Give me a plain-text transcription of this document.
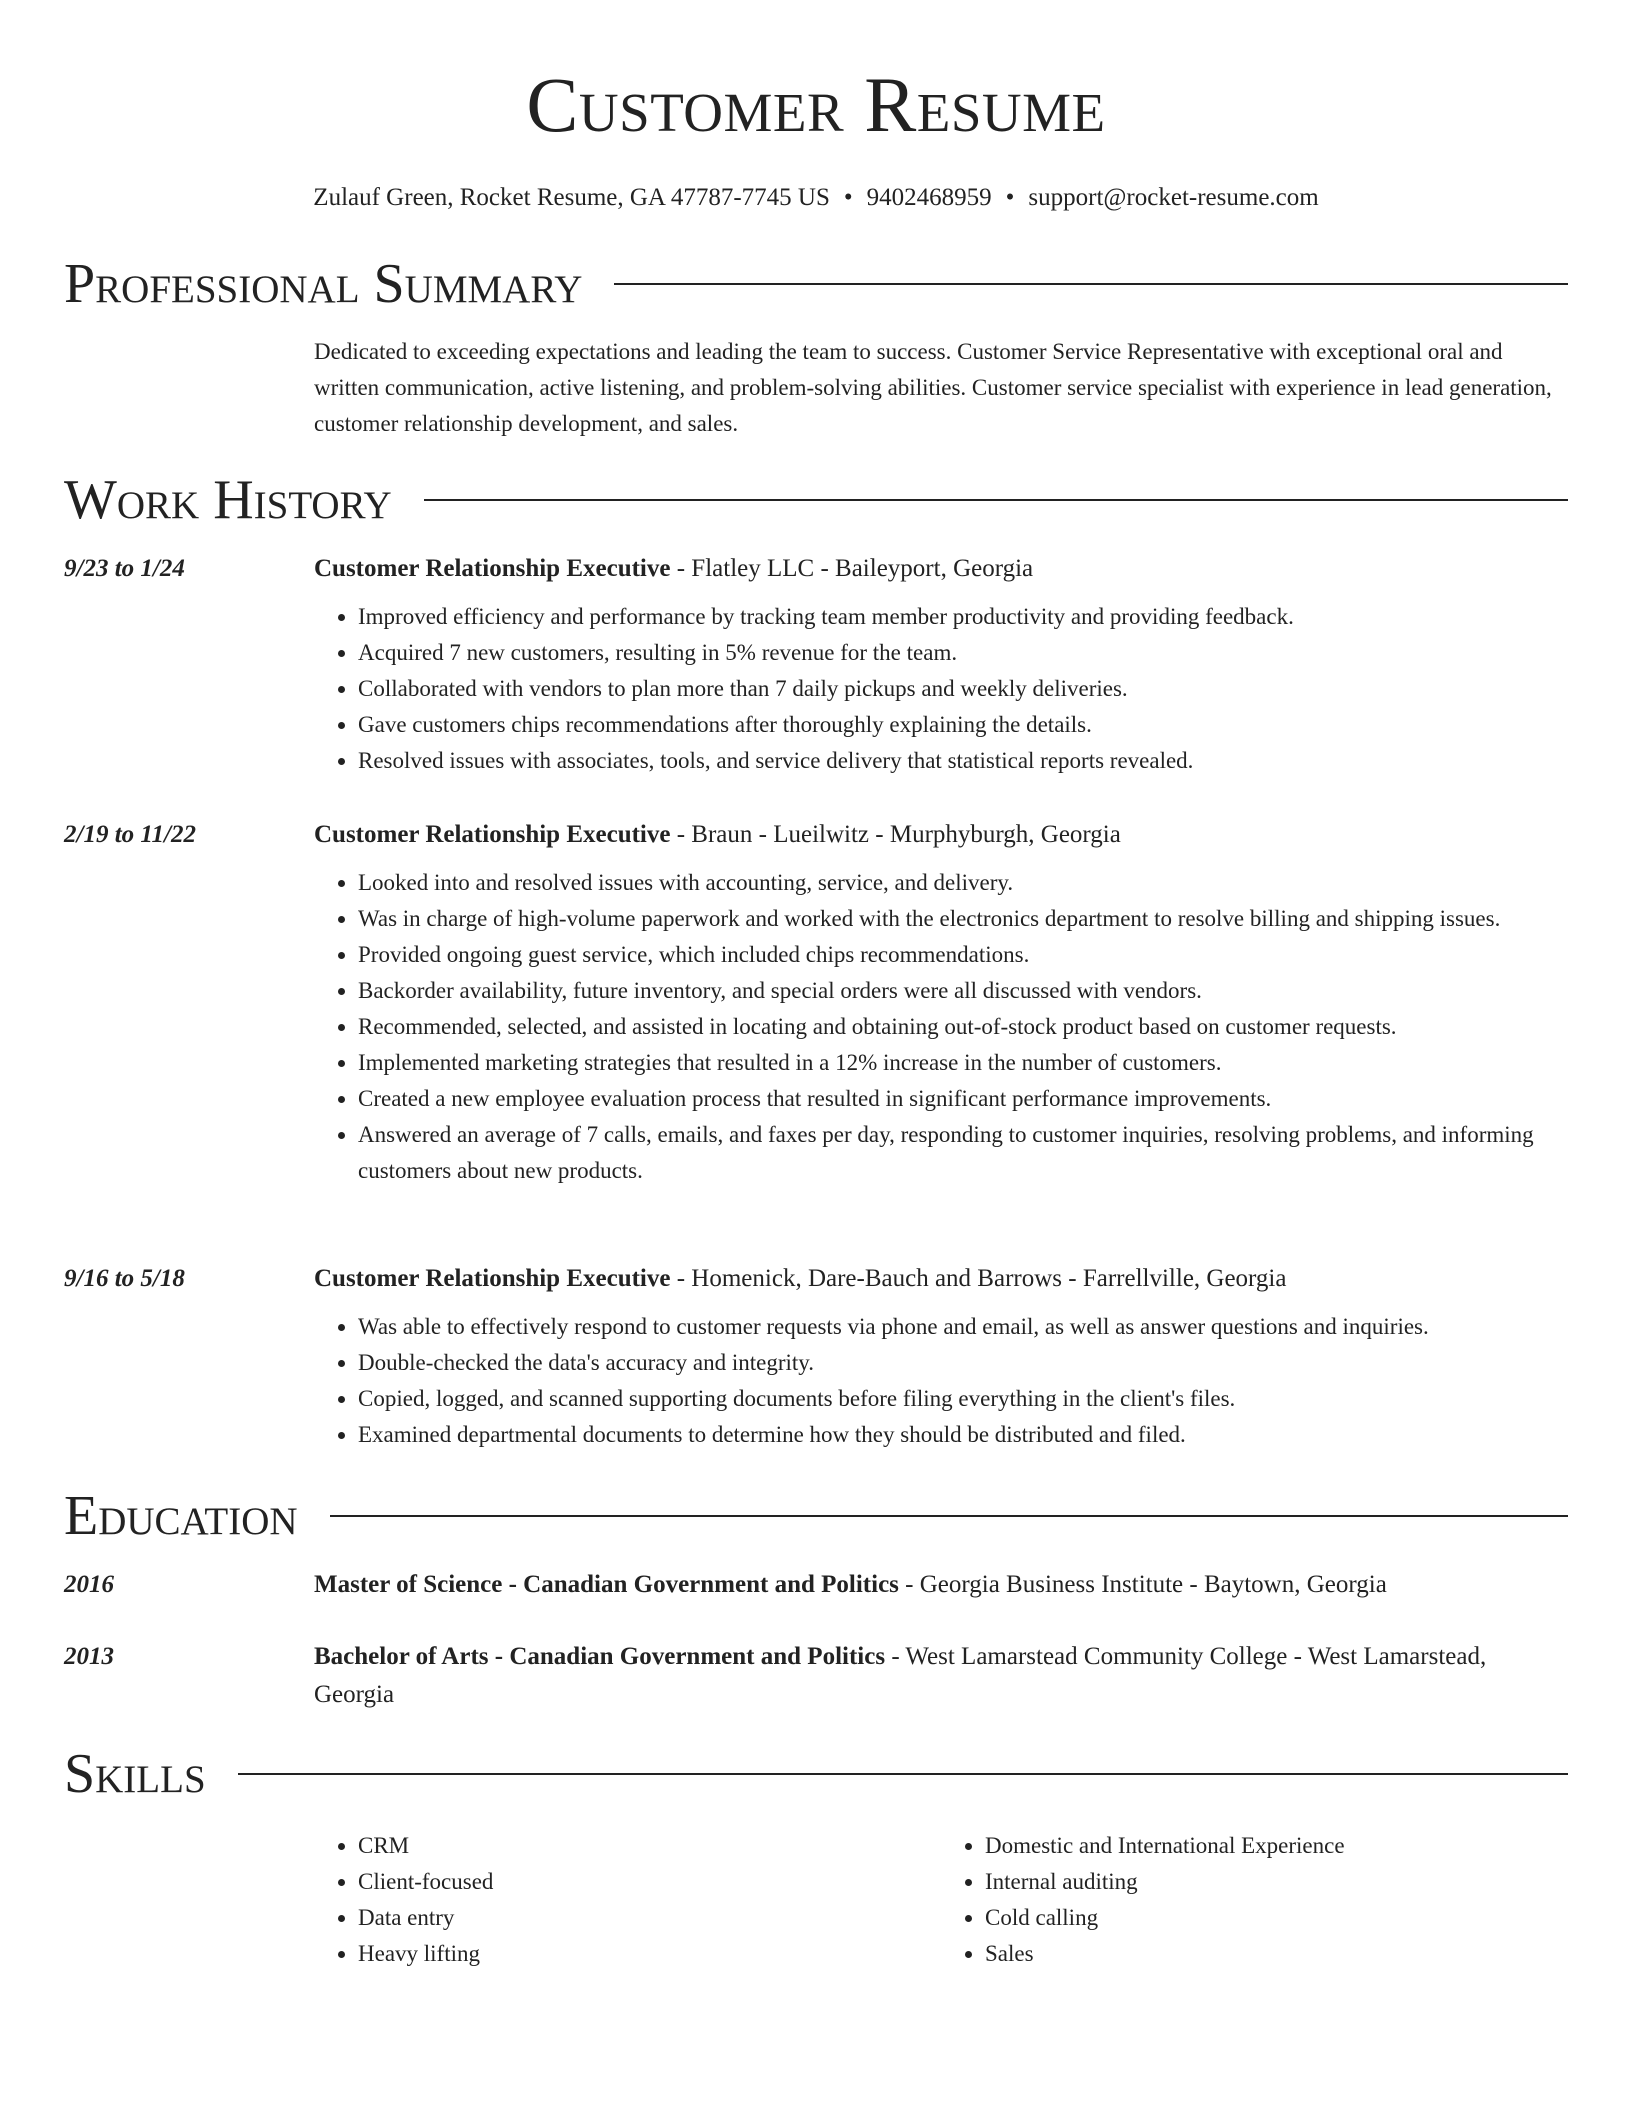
Customer Resume
Zulauf Green, Rocket Resume, GA 47787-7745 US • 9402468959 • support@rocket-resume.com
Professional Summary
Dedicated to exceeding expectations and leading the team to success. Customer Service Representative with exceptional oral and written communication, active listening, and problem-solving abilities. Customer service specialist with experience in lead generation, customer relationship development, and sales.
Work History
9/23 to 1/24	Customer Relationship Executive - Flatley LLC - Baileyport, Georgia
• Improved efficiency and performance by tracking team member productivity and providing feedback.
• Acquired 7 new customers, resulting in 5% revenue for the team.
• Collaborated with vendors to plan more than 7 daily pickups and weekly deliveries.
• Gave customers chips recommendations after thoroughly explaining the details.
• Resolved issues with associates, tools, and service delivery that statistical reports revealed.
2/19 to 11/22	Customer Relationship Executive - Braun - Lueilwitz - Murphyburgh, Georgia
• Looked into and resolved issues with accounting, service, and delivery.
• Was in charge of high-volume paperwork and worked with the electronics department to resolve billing and shipping issues.
• Provided ongoing guest service, which included chips recommendations.
• Backorder availability, future inventory, and special orders were all discussed with vendors.
• Recommended, selected, and assisted in locating and obtaining out-of-stock product based on customer requests.
• Implemented marketing strategies that resulted in a 12% increase in the number of customers.
• Created a new employee evaluation process that resulted in significant performance improvements.
• Answered an average of 7 calls, emails, and faxes per day, responding to customer inquiries, resolving problems, and informing customers about new products.
9/16 to 5/18	Customer Relationship Executive - Homenick, Dare-Bauch and Barrows - Farrellville, Georgia
• Was able to effectively respond to customer requests via phone and email, as well as answer questions and inquiries.
• Double-checked the data's accuracy and integrity.
• Copied, logged, and scanned supporting documents before filing everything in the client's files.
• Examined departmental documents to determine how they should be distributed and filed.
Education
2016	Master of Science - Canadian Government and Politics - Georgia Business Institute - Baytown, Georgia
2013	Bachelor of Arts - Canadian Government and Politics - West Lamarstead Community College - West Lamarstead, Georgia
Skills
• CRM
• Client-focused
• Data entry
• Heavy lifting
• Domestic and International Experience
• Internal auditing
• Cold calling
• Sales
